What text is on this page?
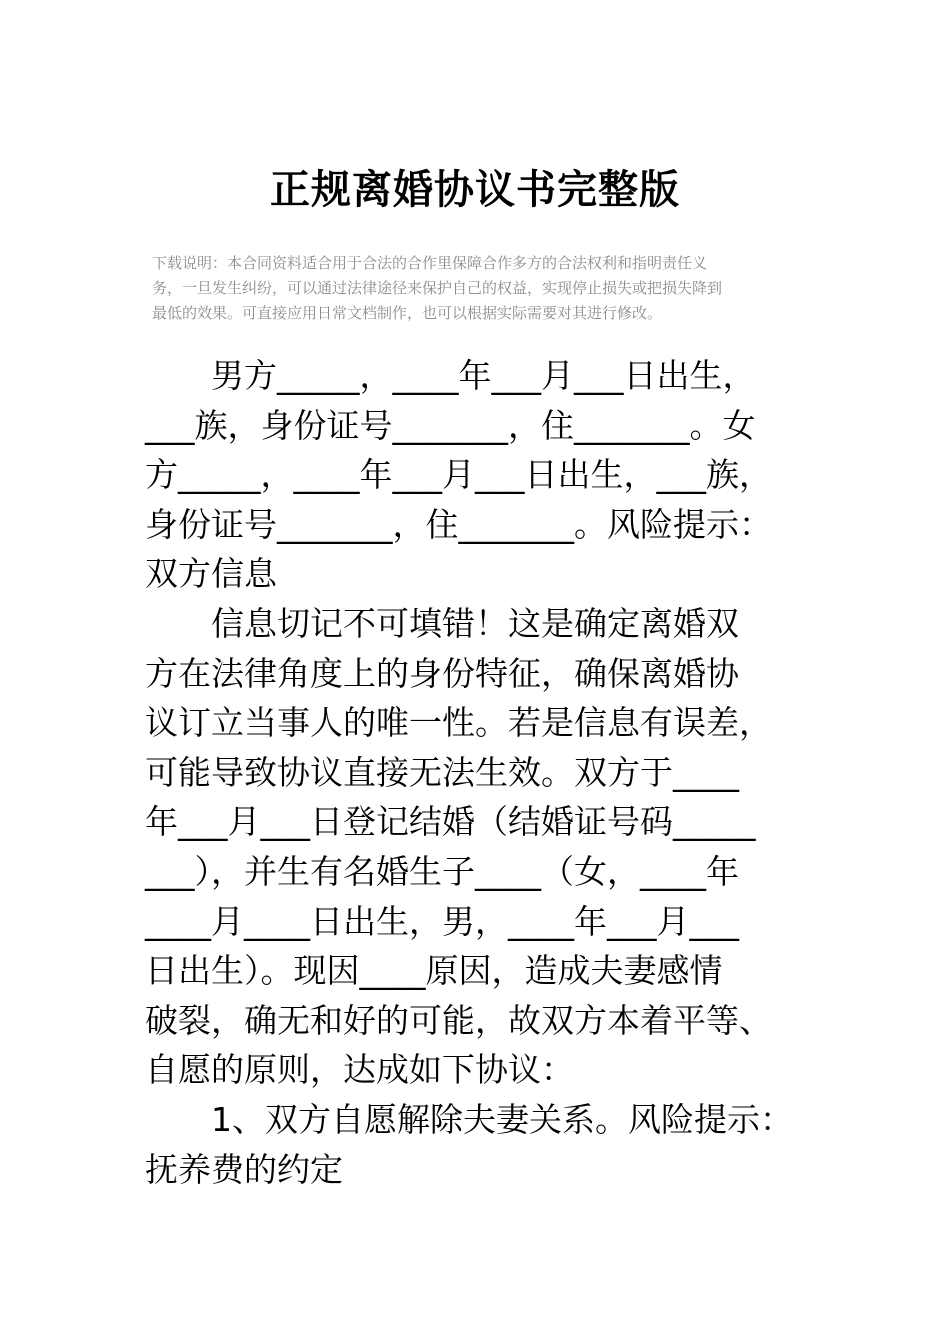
正规离婚协议书完整版
下载说明：本合同资料适合用于合法的合作里保障合作多方的合法权利和指明责任义
务，一旦发生纠纷，可以通过法律途径来保护自己的权益，实现停止损失或把损失降到
最低的效果。可直接应用日常文档制作，也可以根据实际需要对其进行修改。
　　男方_____，____年___月___日出生，
___族，身份证号_______，住_______。女
方_____，____年___月___日出生，___族，
身份证号_______，住_______。风险提示：
双方信息
　　信息切记不可填错！这是确定离婚双
方在法律角度上的身份特征，确保离婚协
议订立当事人的唯一性。若是信息有误差，
可能导致协议直接无法生效。双方于____
年___月___日登记结婚（结婚证号码_____
___），并生有名婚生子____（女，____年
____月____日出生，男，____年___月___
日出生）。现因____原因，造成夫妻感情
破裂，确无和好的可能，故双方本着平等、
自愿的原则，达成如下协议：
　　1、双方自愿解除夫妻关系。风险提示：
抚养费的约定
